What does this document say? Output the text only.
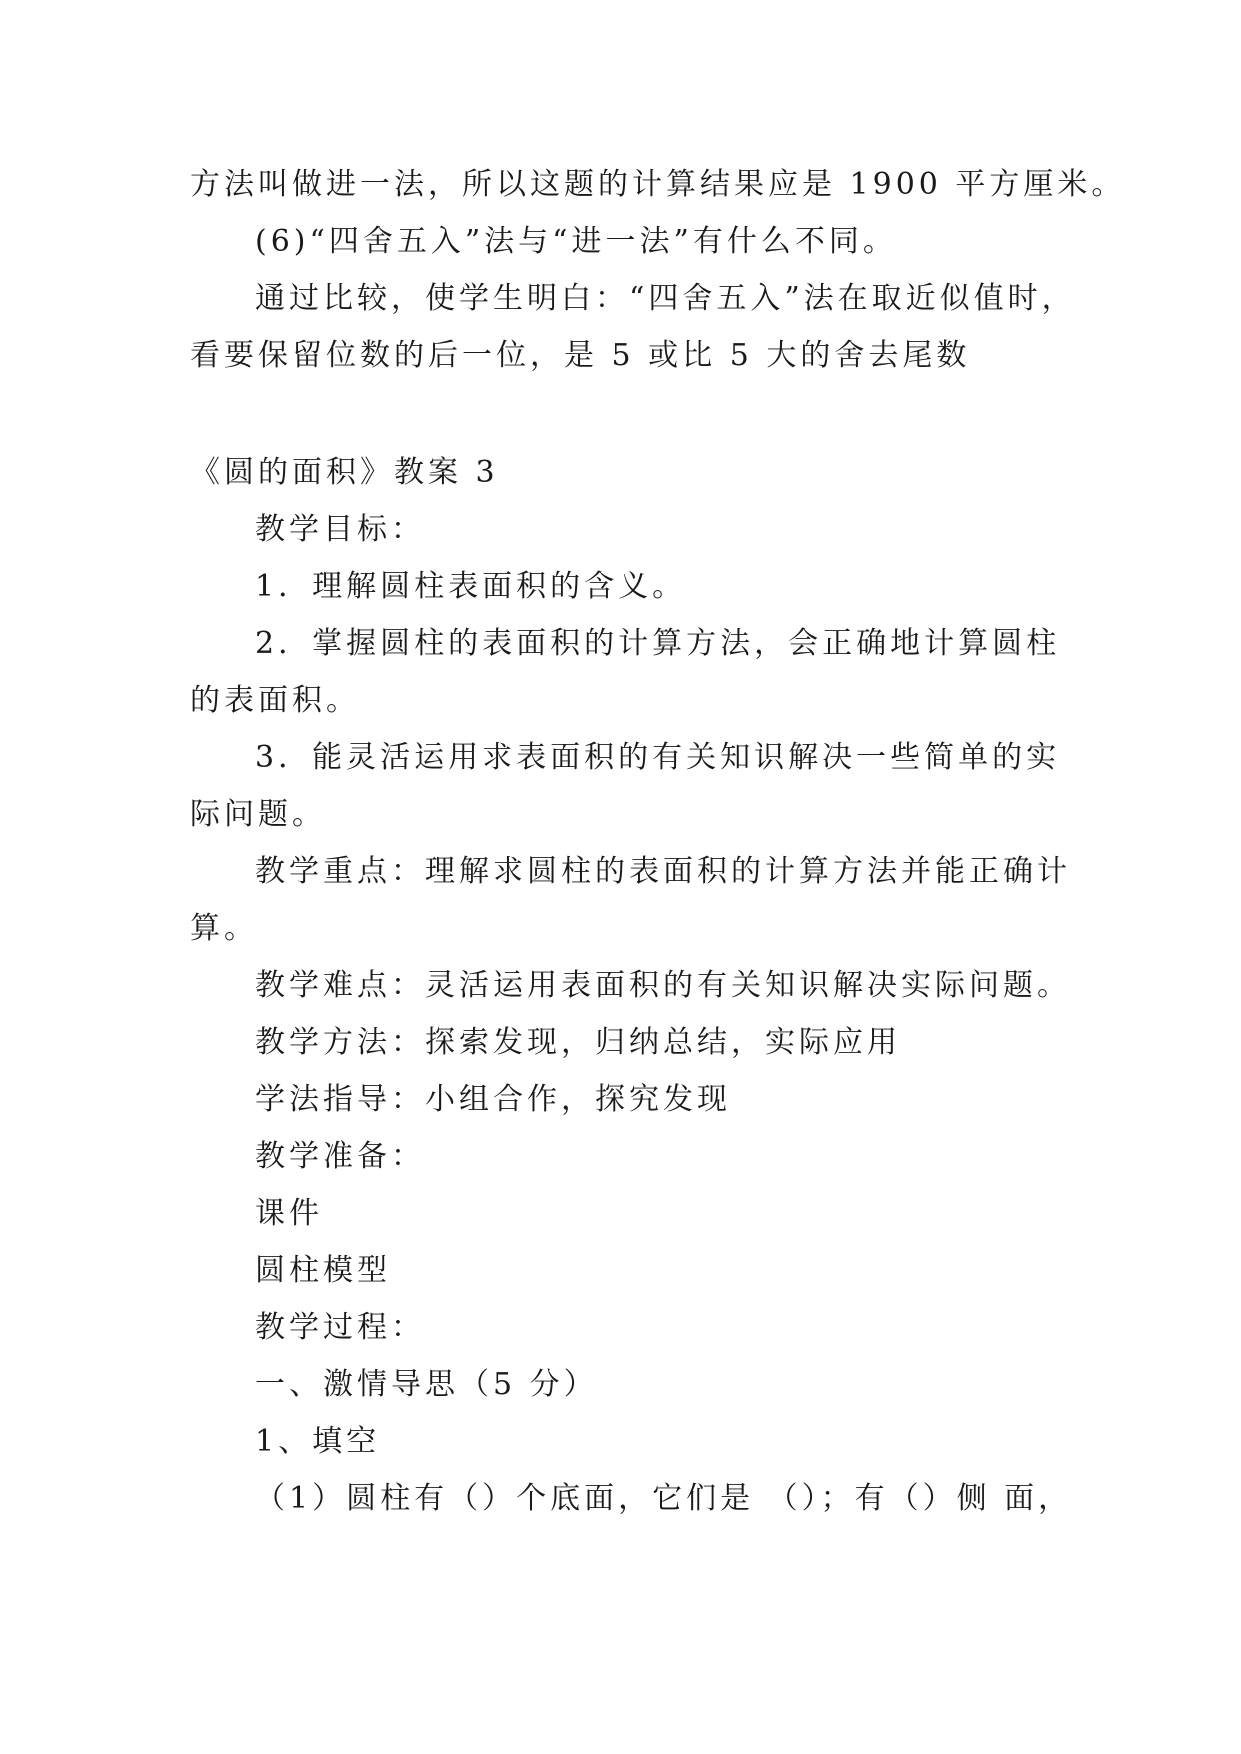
方法叫做进一法，所以这题的计算结果应是 1900 平方厘米。
(6)“四舍五入”法与“进一法”有什么不同。
通过比较，使学生明白：“四舍五入”法在取近似值时，
看要保留位数的后一位，是 5 或比 5 大的舍去尾数
《圆的面积》教案 3
教学目标：
1．理解圆柱表面积的含义。
2．掌握圆柱的表面积的计算方法，会正确地计算圆柱
的表面积。
3．能灵活运用求表面积的有关知识解决一些简单的实
际问题。
教学重点：理解求圆柱的表面积的计算方法并能正确计
算。
教学难点：灵活运用表面积的有关知识解决实际问题。
教学方法：探索发现，归纳总结，实际应用
学法指导：小组合作，探究发现
教学准备：
课件
圆柱模型
教学过程：
一、激情导思（5 分）
1、填空
（1）圆柱有（）个底面，它们是 （）；有（）侧 面，
